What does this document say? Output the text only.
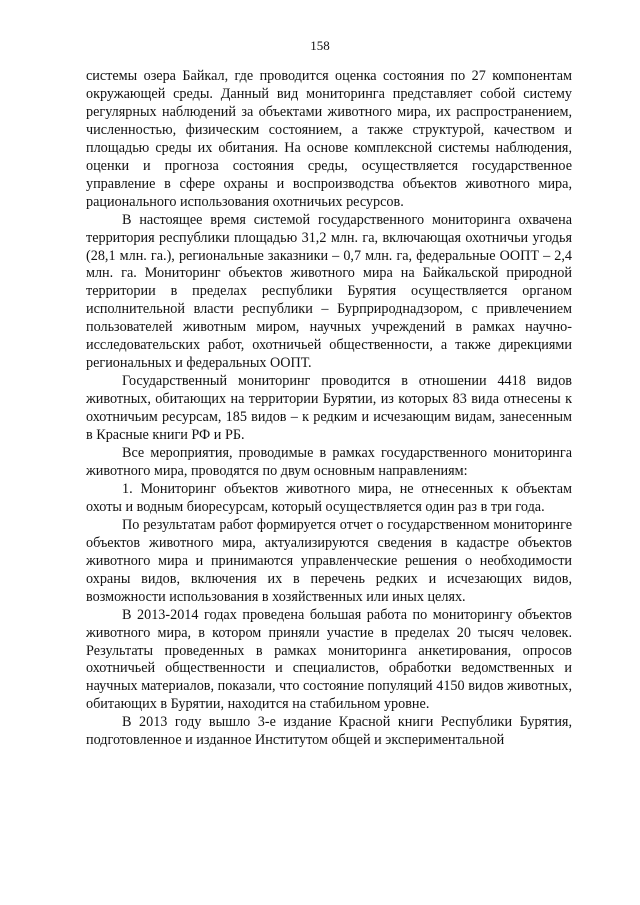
158

системы озера Байкал, где проводится оценка состояния по 27 компонентам окружающей среды. Данный вид мониторинга представляет собой систему регулярных наблюдений за объектами животного мира, их распространением, численностью, физическим состоянием, а также структурой, качеством и площадью среды их обитания. На основе комплексной системы наблюдения, оценки и прогноза состояния среды, осуществляется государственное управление в сфере охраны и воспроизводства объектов животного мира, рационального использования охотничьих ресурсов.

В настоящее время системой государственного мониторинга охвачена территория республики площадью 31,2 млн. га, включающая охотничьи угодья (28,1 млн. га.), региональные заказники – 0,7 млн. га, федеральные ООПТ – 2,4 млн. га. Мониторинг объектов животного мира на Байкальской природной территории в пределах республики Бурятия осуществляется органом исполнительной власти республики – Бурприроднадзором, с привлечением пользователей животным миром, научных учреждений в рамках научно-исследовательских работ, охотничьей общественности, а также дирекциями региональных и федеральных ООПТ.

Государственный мониторинг проводится в отношении 4418 видов животных, обитающих на территории Бурятии, из которых 83 вида отнесены к охотничьим ресурсам, 185 видов – к редким и исчезающим видам, занесенным в Красные книги РФ и РБ.

Все мероприятия, проводимые в рамках государственного мониторинга животного мира, проводятся по двум основным направлениям:

1. Мониторинг объектов животного мира, не отнесенных к объектам охоты и водным биоресурсам, который осуществляется один раз в три года.

По результатам работ формируется отчет о государственном мониторинге объектов животного мира, актуализируются сведения в кадастре объектов животного мира и принимаются управленческие решения о необходимости охраны видов, включения их в перечень редких и исчезающих видов, возможности использования в хозяйственных или иных целях.

В 2013-2014 годах проведена большая работа по мониторингу объектов животного мира, в котором приняли участие в пределах 20 тысяч человек. Результаты проведенных в рамках мониторинга анкетирования, опросов охотничьей общественности и специалистов, обработки ведомственных и научных материалов, показали, что состояние популяций 4150 видов животных, обитающих в Бурятии, находится на стабильном уровне.

В 2013 году вышло 3-е издание Красной книги Республики Бурятия, подготовленное и изданное Институтом общей и экспериментальной
